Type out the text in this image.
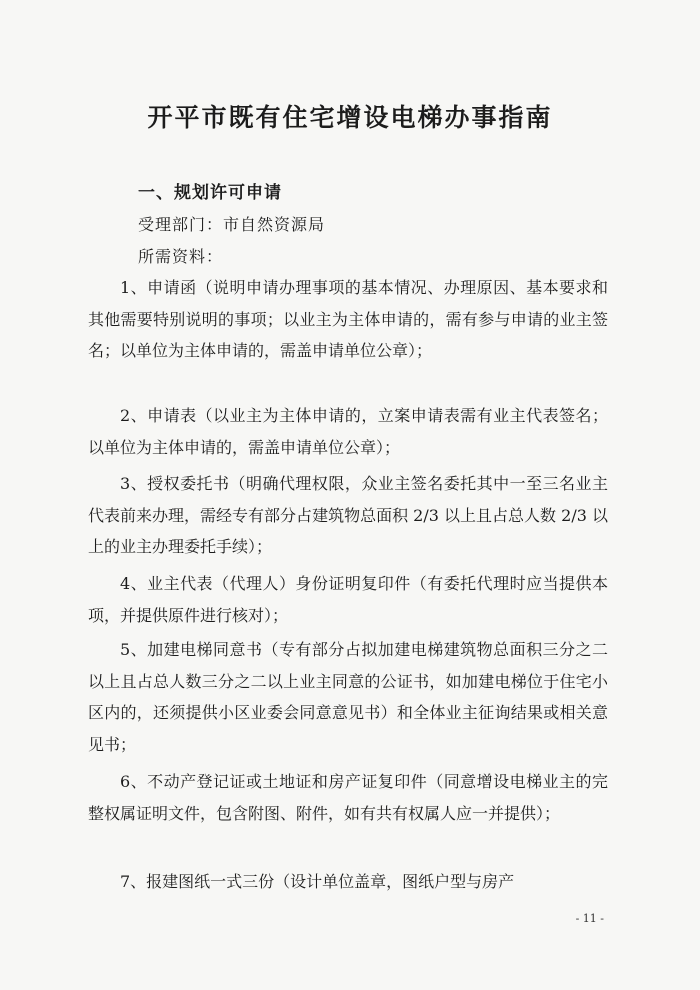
开平市既有住宅增设电梯办事指南
一、规划许可申请
受理部门：市自然资源局
所需资料：

1、申请函（说明申请办理事项的基本情况、办理原因、基本要求和其他需要特别说明的事项；以业主为主体申请的，需有参与申请的业主签名；以单位为主体申请的，需盖申请单位公章）；

2、申请表（以业主为主体申请的，立案申请表需有业主代表签名；以单位为主体申请的，需盖申请单位公章）；

3、授权委托书（明确代理权限，众业主签名委托其中一至三名业主代表前来办理，需经专有部分占建筑物总面积 2/3 以上且占总人数 2/3 以上的业主办理委托手续）；

4、业主代表（代理人）身份证明复印件（有委托代理时应当提供本项，并提供原件进行核对）；

5、加建电梯同意书（专有部分占拟加建电梯建筑物总面积三分之二以上且占总人数三分之二以上业主同意的公证书，如加建电梯位于住宅小区内的，还须提供小区业委会同意意见书）和全体业主征询结果或相关意见书；

6、不动产登记证或土地证和房产证复印件（同意增设电梯业主的完整权属证明文件，包含附图、附件，如有共有权属人应一并提供）；

7、报建图纸一式三份（设计单位盖章，图纸户型与房产

- 11 -
